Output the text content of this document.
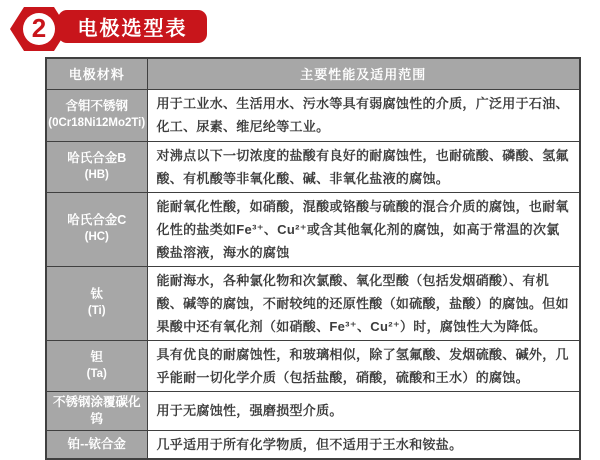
2	电极选型表
电极材料	主要性能及适用范围

含钼不锈钢
(0Cr18Ni12Mo2Ti)	用于工业水、生活用水、污水等具有弱腐蚀性的介质，广泛用于石油、化工、尿素、维尼纶等工业。

哈氏合金B
(HB)	对沸点以下一切浓度的盐酸有良好的耐腐蚀性，也耐硫酸、磷酸、氢氟酸、有机酸等非氧化酸、碱、非氧化盐液的腐蚀。

哈氏合金C
(HC)	能耐氧化性酸，如硝酸，混酸或铬酸与硫酸的混合介质的腐蚀，也耐氧化性的盐类如Fe³⁺、Cu²⁺或含其他氧化剂的腐蚀，如高于常温的次氯酸盐溶液，海水的腐蚀

钛
(Ti)	能耐海水，各种氯化物和次氯酸、氧化型酸（包括发烟硝酸）、有机酸、碱等的腐蚀，不耐较纯的还原性酸（如硫酸，盐酸）的腐蚀。但如果酸中还有氧化剂（如硝酸、Fe³⁺、Cu²⁺）时，腐蚀性大为降低。

钽
(Ta)	具有优良的耐腐蚀性，和玻璃相似，除了氢氟酸、发烟硫酸、碱外，几乎能耐一切化学介质（包括盐酸，硝酸，硫酸和王水）的腐蚀。

不锈钢涂覆碳化钨	用于无腐蚀性，强磨损型介质。

铂--铱合金	几乎适用于所有化学物质，但不适用于王水和铵盐。
